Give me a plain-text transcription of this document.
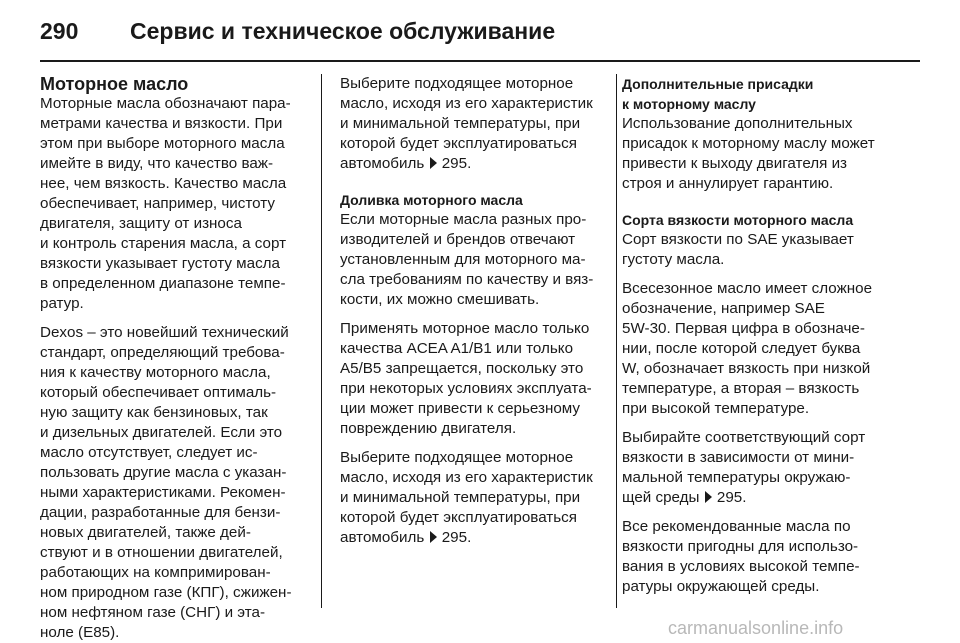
290 Сервис и техническое обслуживание
Моторное масло

Моторные масла обозначают пара-
метрами качества и вязкости. При
этом при выборе моторного масла
имейте в виду, что качество важ-
нее, чем вязкость. Качество масла
обеспечивает, например, чистоту
двигателя, защиту от износа
и контроль старения масла, а сорт
вязкости указывает густоту масла
в определенном диапазоне темпе-
ратур.

Dexos – это новейший технический
стандарт, определяющий требова-
ния к качеству моторного масла,
который обеспечивает оптималь-
ную защиту как бензиновых, так
и дизельных двигателей. Если это
масло отсутствует, следует ис-
пользовать другие масла с указан-
ными характеристиками. Рекомен-
дации, разработанные для бензи-
новых двигателей, также дей-
ствуют и в отношении двигателей,
работающих на компримирован-
ном природном газе (КПГ), сжижен-
ном нефтяном газе (СНГ) и эта-
ноле (E85).

Выберите подходящее моторное
масло, исходя из его характеристик
и минимальной температуры, при
которой будет эксплуатироваться
автомобиль 295.

Доливка моторного масла

Если моторные масла разных про-
изводителей и брендов отвечают
установленным для моторного ма-
сла требованиям по качеству и вяз-
кости, их можно смешивать.

Применять моторное масло только
качества ACEA A1/B1 или только
A5/B5 запрещается, поскольку это
при некоторых условиях эксплуата-
ции может привести к серьезному
повреждению двигателя.

Выберите подходящее моторное
масло, исходя из его характеристик
и минимальной температуры, при
которой будет эксплуатироваться
автомобиль 295.

Дополнительные присадки
к моторному маслу

Использование дополнительных
присадок к моторному маслу может
привести к выходу двигателя из
строя и аннулирует гарантию.

Сорта вязкости моторного масла

Сорт вязкости по SAE указывает
густоту масла.

Всесезонное масло имеет сложное
обозначение, например SAE
5W-30. Первая цифра в обозначе-
нии, после которой следует буква
W, обозначает вязкость при низкой
температуре, а вторая – вязкость
при высокой температуре.

Выбирайте соответствующий сорт
вязкости в зависимости от мини-
мальной температуры окружаю-
щей среды 295.

Все рекомендованные масла по
вязкости пригодны для использо-
вания в условиях высокой темпе-
ратуры окружающей среды.

carmanualsonline.info
